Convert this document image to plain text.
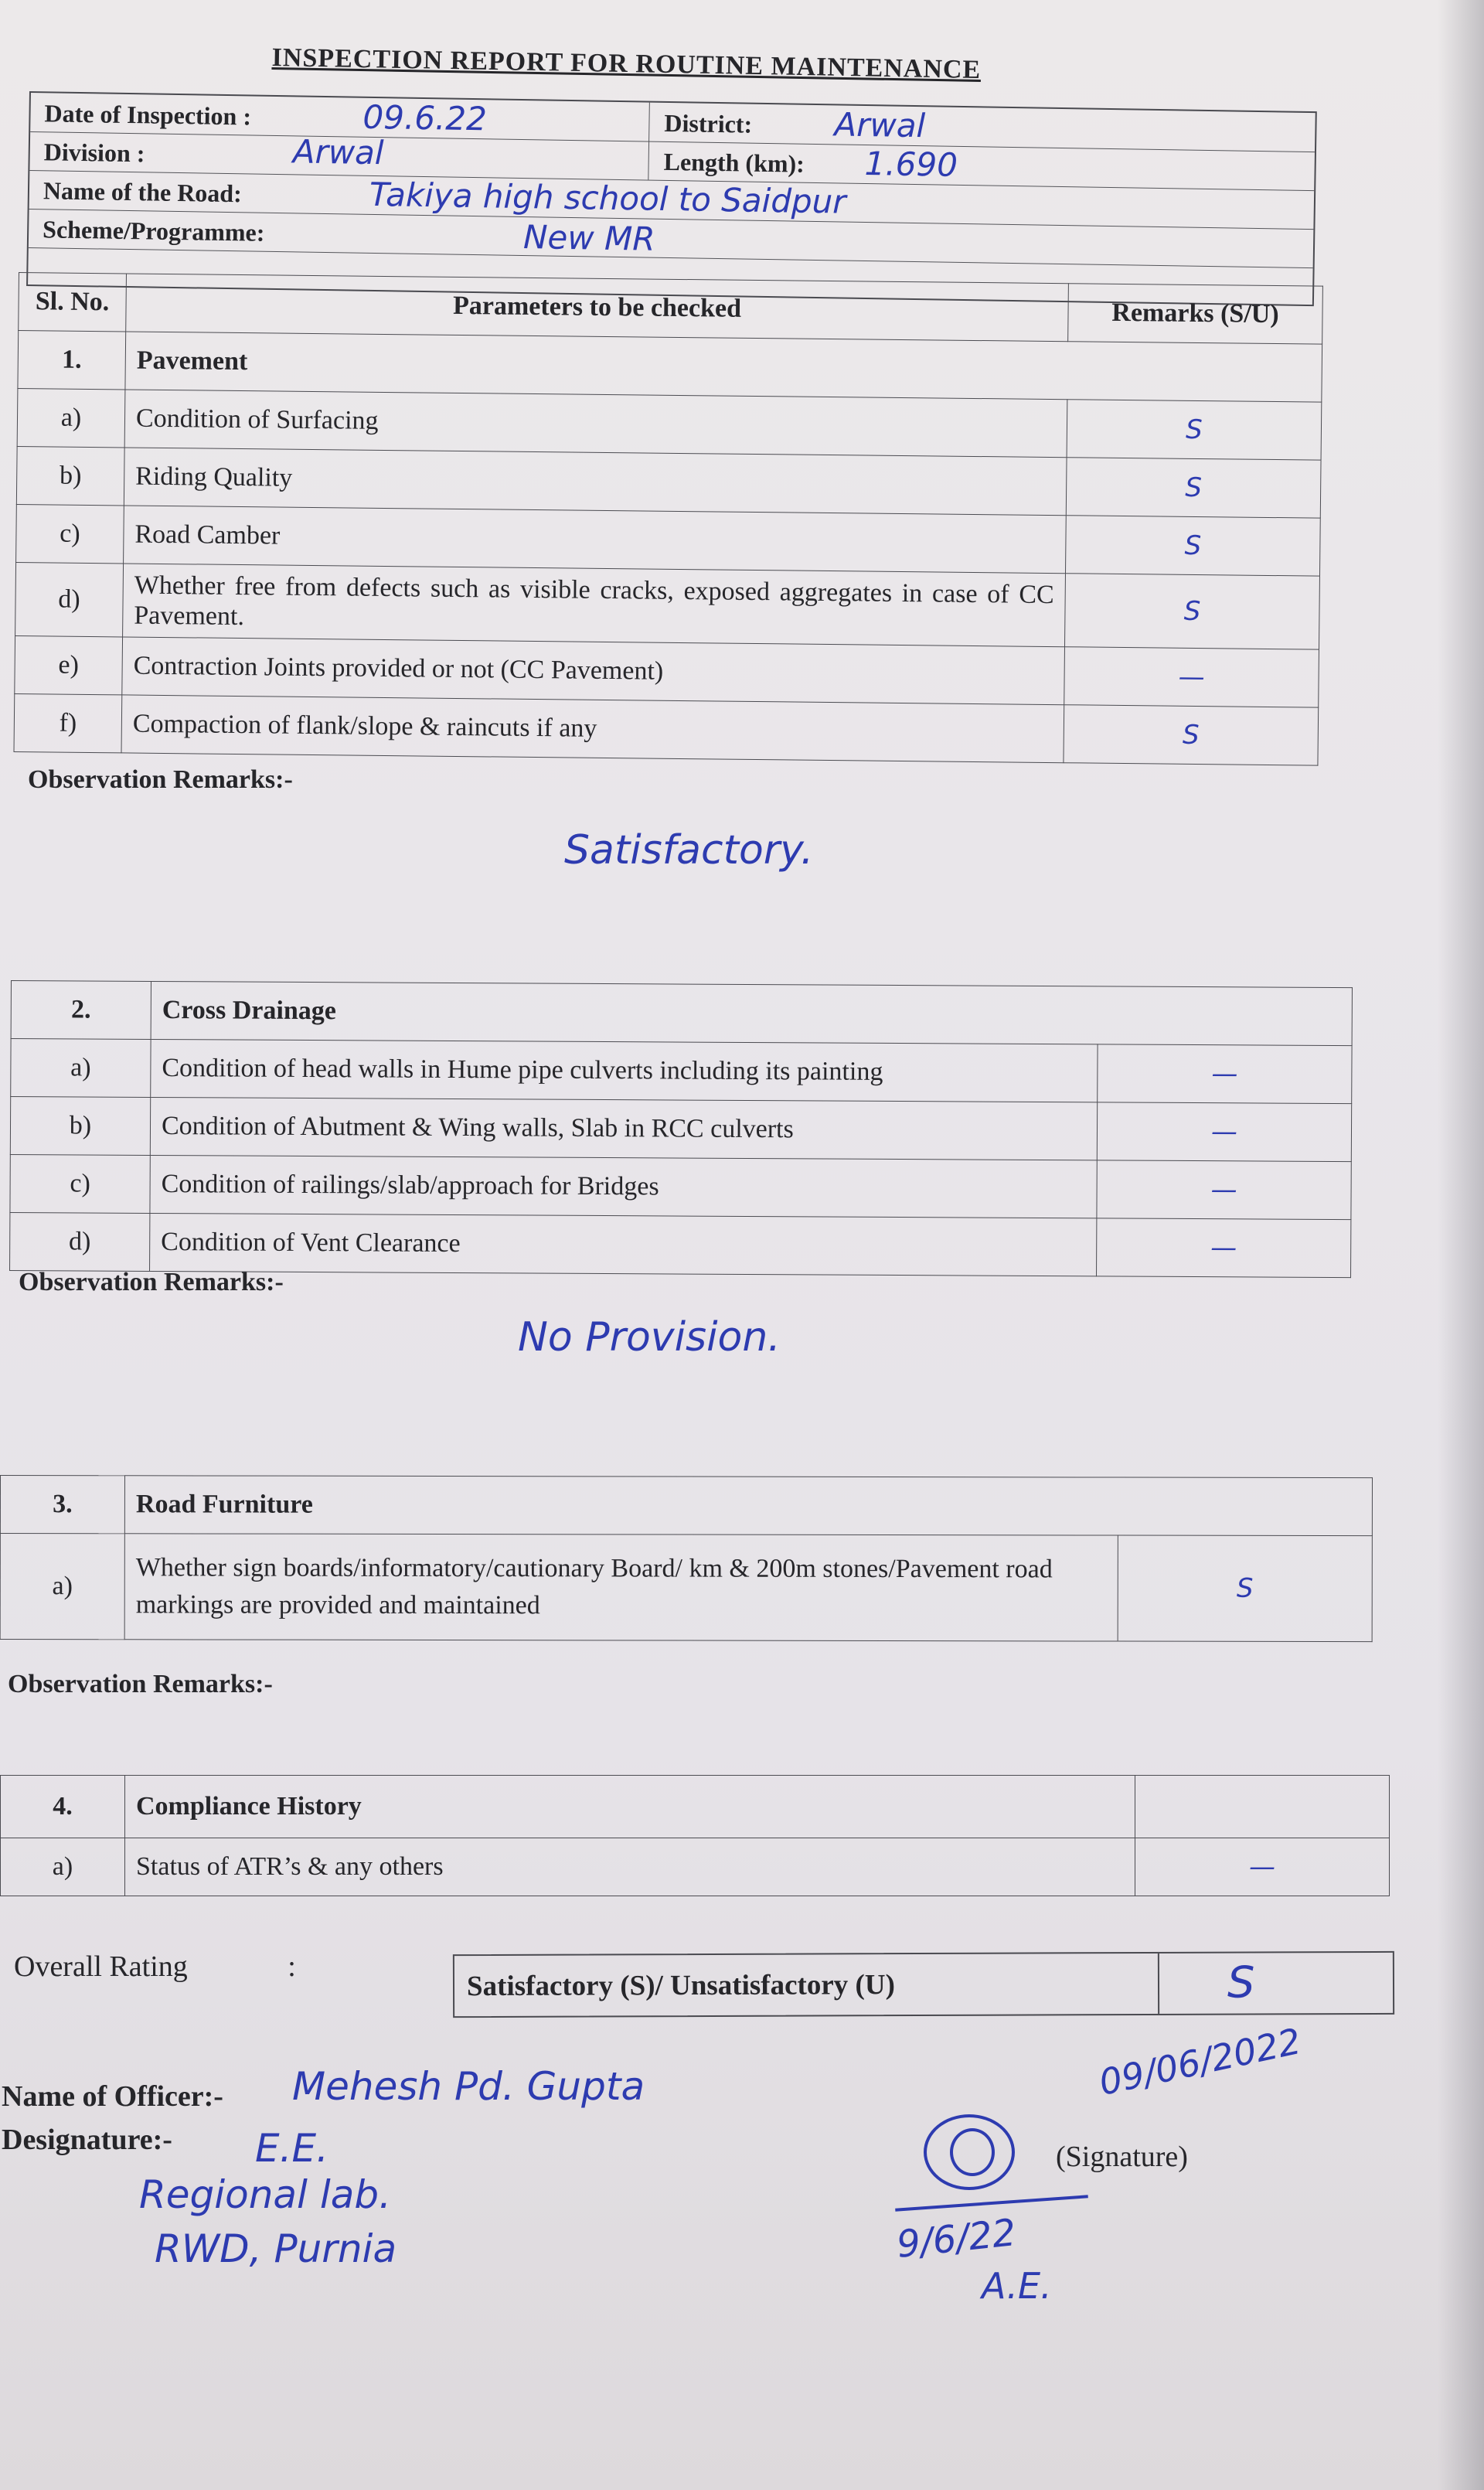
INSPECTION REPORT FOR ROUTINE MAINTENANCE
Date of Inspection :	09.6.22	District:	Arwal
Division :	Arwal	Length (km): 1.690
Name of the Road:	Takiya high school to Saidpur
Scheme/Programme:	New MR
Sl. No.	Parameters to be checked	Remarks (S/U)
1.	Pavement	
a)	Condition of Surfacing	S
b)	Riding Quality	S
c)	Road Camber	S
d)	Whether free from defects such as visible cracks, exposed aggregates in case of CC Pavement.	S
e)	Contraction Joints provided or not (CC Pavement)	—
f)	Compaction of flank/slope & raincuts if any	S
Observation Remarks:-
Satisfactory.
2.	Cross Drainage	
a)	Condition of head walls in Hume pipe culverts including its painting	—
b)	Condition of Abutment & Wing walls, Slab in RCC culverts	—
c)	Condition of railings/slab/approach for Bridges	—
d)	Condition of Vent Clearance	—
Observation Remarks:-
No Provision.
3.	Road Furniture	
a)	Whether sign boards/informatory/cautionary Board/ km & 200m stones/Pavement road markings are provided and maintained	S
Observation Remarks:-
4.	Compliance History	
a)	Status of ATR’s & any others	—
Overall Rating	:
Satisfactory (S)/ Unsatisfactory (U)	S
Name of Officer:- Mehesh Pd. Gupta
Designature:- E.E.
Regional lab.
RWD, Purnia
(Signature)
09/06/2022
9/6/22
A.E.
